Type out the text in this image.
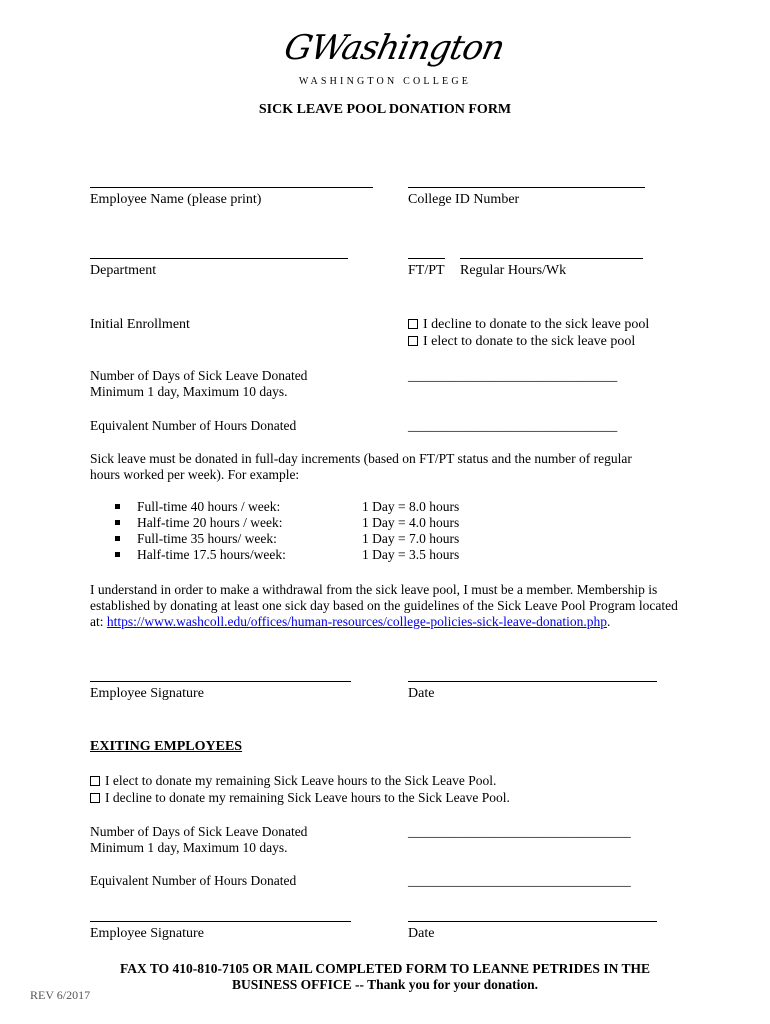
GWashington
WASHINGTON COLLEGE
SICK LEAVE POOL DONATION FORM
Employee Name (please print)	College ID Number
Department	FT/PT Regular Hours/Wk
Initial Enrollment	I decline to donate to the sick leave pool
I elect to donate to the sick leave pool
Number of Days of Sick Leave Donated
Minimum 1 day, Maximum 10 days.
_______________________________
Equivalent Number of Hours Donated	_______________________________
Sick leave must be donated in full-day increments (based on FT/PT status and the number of regular hours worked per week). For example:
Full-time 40 hours / week:	1 Day = 8.0 hours
Half-time 20 hours / week:	1 Day = 4.0 hours
Full-time 35 hours/ week:	1 Day = 7.0 hours
Half-time 17.5 hours/week:	1 Day = 3.5 hours
I understand in order to make a withdrawal from the sick leave pool, I must be a member. Membership is established by donating at least one sick day based on the guidelines of the Sick Leave Pool Program located at: https://www.washcoll.edu/offices/human-resources/college-policies-sick-leave-donation.php.
Employee Signature	Date
EXITING EMPLOYEES
I elect to donate my remaining Sick Leave hours to the Sick Leave Pool.
I decline to donate my remaining Sick Leave hours to the Sick Leave Pool.
Number of Days of Sick Leave Donated
Minimum 1 day, Maximum 10 days.
_________________________________
Equivalent Number of Hours Donated	_________________________________
Employee Signature	Date
FAX TO 410-810-7105 OR MAIL COMPLETED FORM TO LEANNE PETRIDES IN THE
BUSINESS OFFICE -- Thank you for your donation.
REV 6/2017
